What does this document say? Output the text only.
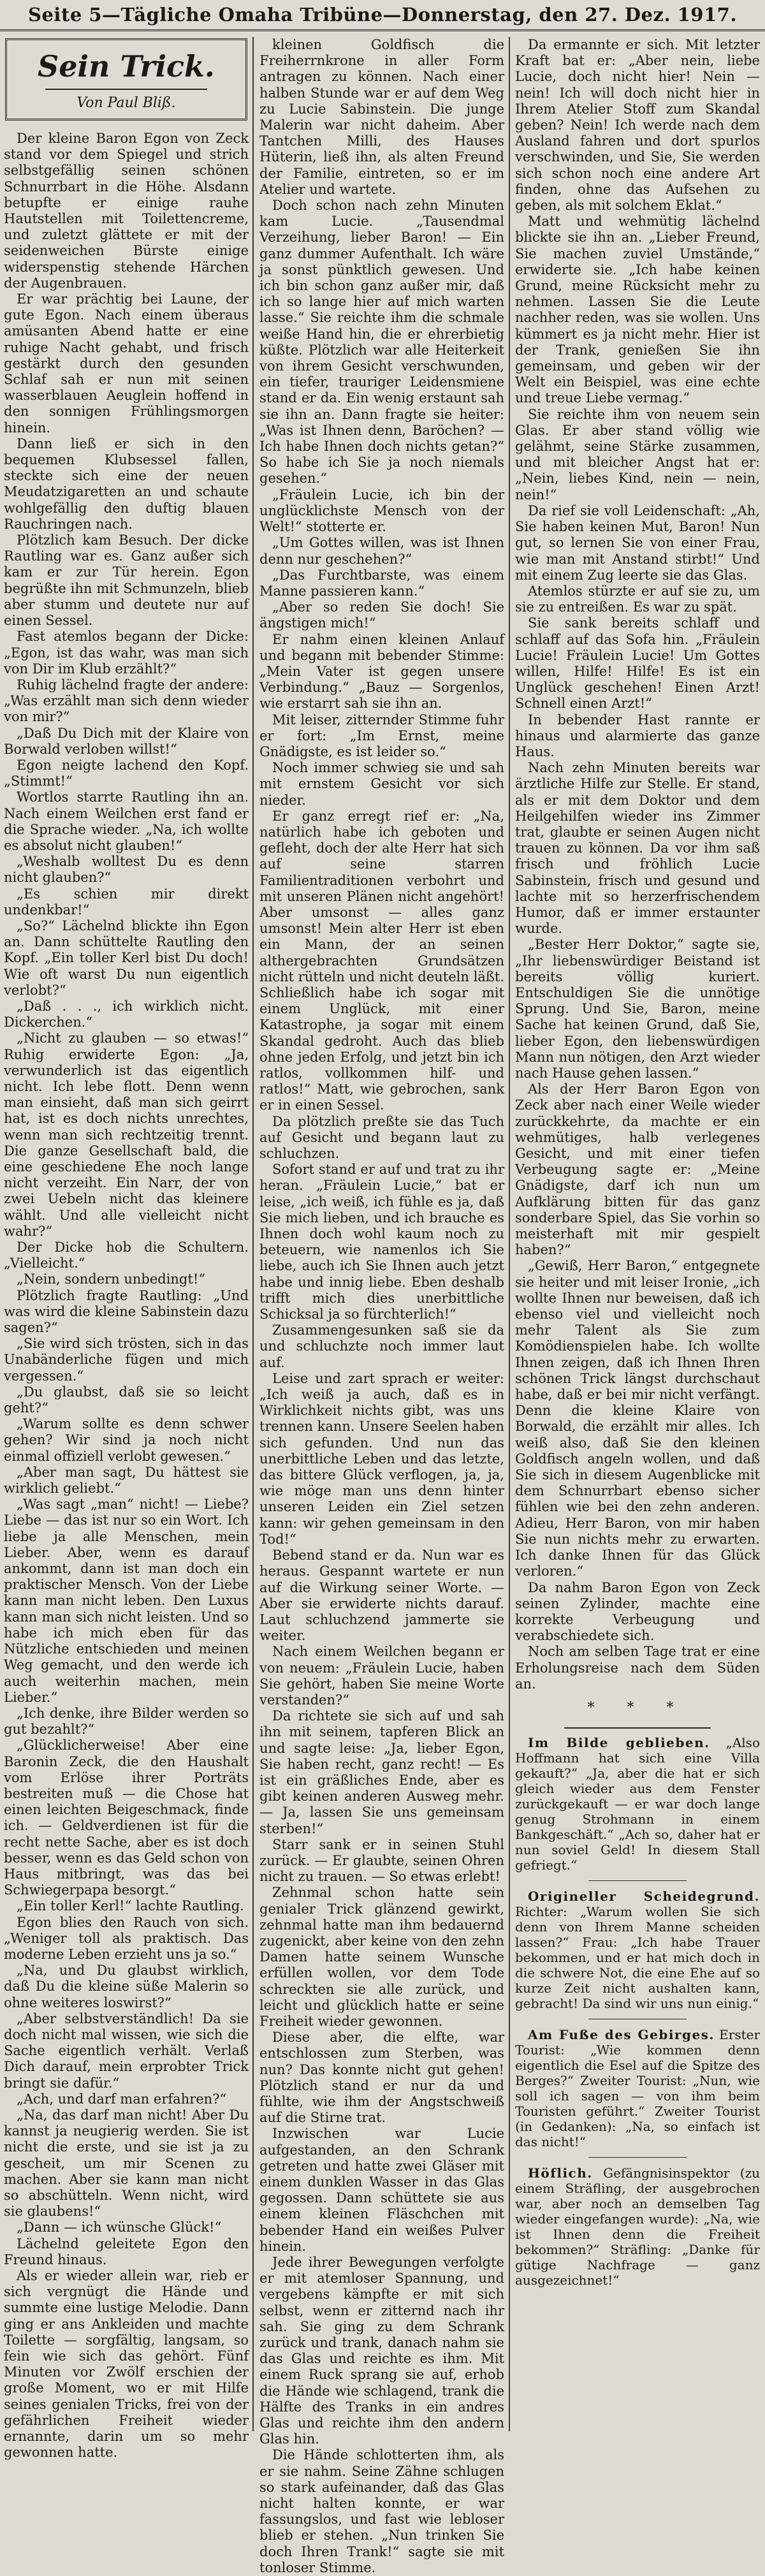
Seite 5—Tägliche Omaha Tribüne—Donnerstag, den 27. Dez. 1917.
Sein Trick.
Von Paul Bliß.

Der kleine Baron Egon von Zeck stand vor dem Spiegel und strich selbstgefällig seinen schönen Schnurrbart in die Höhe. Alsdann betupfte er einige rauhe Hautstellen mit Toilettencreme, und zuletzt glättete er mit der seidenweichen Bürste einige widerspenstig stehende Härchen der Augenbrauen.

Er war prächtig bei Laune, der gute Egon. Nach einem überaus amüsanten Abend hatte er eine ruhige Nacht gehabt, und frisch gestärkt durch den gesunden Schlaf sah er nun mit seinen wasserblauen Aeuglein hoffend in den sonnigen Frühlingsmorgen hinein.

Dann ließ er sich in den bequemen Klubsessel fallen, steckte sich eine der neuen Meudatzigaretten an und schaute wohlgefällig den duftig blauen Rauchringen nach.

Plötzlich kam Besuch. Der dicke Rautling war es. Ganz außer sich kam er zur Tür herein. Egon begrüßte ihn mit Schmunzeln, blieb aber stumm und deutete nur auf einen Sessel.

Fast atemlos begann der Dicke: „Egon, ist das wahr, was man sich von Dir im Klub erzählt?“

Ruhig lächelnd fragte der andere: „Was erzählt man sich denn wieder von mir?“

„Daß Du Dich mit der Klaire von Borwald verloben willst!“

Egon neigte lachend den Kopf. „Stimmt!“

Wortlos starrte Rautling ihn an. Nach einem Weilchen erst fand er die Sprache wieder. „Na, ich wollte es absolut nicht glauben!“

„Weshalb wolltest Du es denn nicht glauben?“

„Es schien mir direkt undenkbar!“

„So?“ Lächelnd blickte ihn Egon an. Dann schüttelte Rautling den Kopf. „Ein toller Kerl bist Du doch! Wie oft warst Du nun eigentlich verlobt?“

„Daß . . ., ich wirklich nicht. Dickerchen.“

„Nicht zu glauben — so etwas!“ Ruhig erwiderte Egon: „Ja, verwunderlich ist das eigentlich nicht. Ich lebe flott. Denn wenn man einsieht, daß man sich geirrt hat, ist es doch nichts unrechtes, wenn man sich rechtzeitig trennt. Die ganze Gesellschaft bald, die eine geschiedene Ehe noch lange nicht verzeiht. Ein Narr, der von zwei Uebeln nicht das kleinere wählt. Und alle vielleicht nicht wahr?“

Der Dicke hob die Schultern. „Vielleicht.“

„Nein, sondern unbedingt!“

Plötzlich fragte Rautling: „Und was wird die kleine Sabinstein dazu sagen?“

„Sie wird sich trösten, sich in das Unabänderliche fügen und mich vergessen.“

„Du glaubst, daß sie so leicht geht?“

„Warum sollte es denn schwer gehen? Wir sind ja noch nicht einmal offiziell verlobt gewesen.“

„Aber man sagt, Du hättest sie wirklich geliebt.“

„Was sagt „man“ nicht! — Liebe? Liebe — das ist nur so ein Wort. Ich liebe ja alle Menschen, mein Lieber. Aber, wenn es darauf ankommt, dann ist man doch ein praktischer Mensch. Von der Liebe kann man nicht leben. Den Luxus kann man sich nicht leisten. Und so habe ich mich eben für das Nützliche entschieden und meinen Weg gemacht, und den werde ich auch weiterhin machen, mein Lieber.“

„Ich denke, ihre Bilder werden so gut bezahlt?“

„Glücklicherweise! Aber eine Baronin Zeck, die den Haushalt vom Erlöse ihrer Porträts bestreiten muß — die Chose hat einen leichten Beigeschmack, finde ich. — Geldverdienen ist für die recht nette Sache, aber es ist doch besser, wenn es das Geld schon von Haus mitbringt, was das bei Schwiegerpapa besorgt.“

„Ein toller Kerl!“ lachte Rautling.

Egon blies den Rauch von sich. „Weniger toll als praktisch. Das moderne Leben erzieht uns ja so.“

„Na, und Du glaubst wirklich, daß Du die kleine süße Malerin so ohne weiteres loswirst?“

„Aber selbstverständlich! Da sie doch nicht mal wissen, wie sich die Sache eigentlich verhält. Verlaß Dich darauf, mein erprobter Trick bringt sie dafür.“

„Ach, und darf man erfahren?“

„Na, das darf man nicht! Aber Du kannst ja neugierig werden. Sie ist nicht die erste, und sie ist ja zu gescheit, um mir Scenen zu machen. Aber sie kann man nicht so abschütteln. Wenn nicht, wird sie glaubens!“

„Dann — ich wünsche Glück!“

Lächelnd geleitete Egon den Freund hinaus.

Als er wieder allein war, rieb er sich vergnügt die Hände und summte eine lustige Melodie. Dann ging er ans Ankleiden und machte Toilette — sorgfältig, langsam, so fein wie sich das gehört. Fünf Minuten vor Zwölf erschien der große Moment, wo er mit Hilfe seines genialen Tricks, frei von der gefährlichen Freiheit wieder ernannte, darin um so mehr gewonnen hatte.

kleinen Goldfisch die Freiherrnkrone in aller Form antragen zu können. Nach einer halben Stunde war er auf dem Weg zu Lucie Sabinstein. Die junge Malerin war nicht daheim. Aber Tantchen Milli, des Hauses Hüterin, ließ ihn, als alten Freund der Familie, eintreten, so er im Atelier und wartete.

Doch schon nach zehn Minuten kam Lucie. „Tausendmal Verzeihung, lieber Baron! — Ein ganz dummer Aufenthalt. Ich wäre ja sonst pünktlich gewesen. Und ich bin schon ganz außer mir, daß ich so lange hier auf mich warten lasse.“ Sie reichte ihm die schmale weiße Hand hin, die er ehrerbietig küßte. Plötzlich war alle Heiterkeit von ihrem Gesicht verschwunden, ein tiefer, trauriger Leidensmiene stand er da. Ein wenig erstaunt sah sie ihn an. Dann fragte sie heiter: „Was ist Ihnen denn, Baröchen? — Ich habe Ihnen doch nichts getan?“ So habe ich Sie ja noch niemals gesehen.“

„Fräulein Lucie, ich bin der unglücklichste Mensch von der Welt!“ stotterte er.

„Um Gottes willen, was ist Ihnen denn nur geschehen?“

„Das Furchtbarste, was einem Manne passieren kann.“

„Aber so reden Sie doch! Sie ängstigen mich!“

Er nahm einen kleinen Anlauf und begann mit bebender Stimme: „Mein Vater ist gegen unsere Verbindung.“ „Bauz — Sorgenlos, wie erstarrt sah sie ihn an.

Mit leiser, zitternder Stimme fuhr er fort: „Im Ernst, meine Gnädigste, es ist leider so.“

Noch immer schwieg sie und sah mit ernstem Gesicht vor sich nieder.

Er ganz erregt rief er: „Na, natürlich habe ich geboten und gefleht, doch der alte Herr hat sich auf seine starren Familientraditionen verbohrt und mit unseren Plänen nicht angehört! Aber umsonst — alles ganz umsonst! Mein alter Herr ist eben ein Mann, der an seinen althergebrachten Grundsätzen nicht rütteln und nicht deuteln läßt. Schließlich habe ich sogar mit einem Unglück, mit einer Katastrophe, ja sogar mit einem Skandal gedroht. Auch das blieb ohne jeden Erfolg, und jetzt bin ich ratlos, vollkommen hilf- und ratlos!“ Matt, wie gebrochen, sank er in einen Sessel.

Da plötzlich preßte sie das Tuch auf Gesicht und begann laut zu schluchzen.

Sofort stand er auf und trat zu ihr heran. „Fräulein Lucie,“ bat er leise, „ich weiß, ich fühle es ja, daß Sie mich lieben, und ich brauche es Ihnen doch wohl kaum noch zu beteuern, wie namenlos ich Sie liebe, auch ich Sie Ihnen auch jetzt habe und innig liebe. Eben deshalb trifft mich dies unerbittliche Schicksal ja so fürchterlich!“

Zusammengesunken saß sie da und schluchzte noch immer laut auf.

Leise und zart sprach er weiter: „Ich weiß ja auch, daß es in Wirklichkeit nichts gibt, was uns trennen kann. Unsere Seelen haben sich gefunden. Und nun das unerbittliche Leben und das letzte, das bittere Glück verflogen, ja, ja, wie möge man uns denn hinter unseren Leiden ein Ziel setzen kann: wir gehen gemeinsam in den Tod!“

Bebend stand er da. Nun war es heraus. Gespannt wartete er nun auf die Wirkung seiner Worte. — Aber sie erwiderte nichts darauf. Laut schluchzend jammerte sie weiter.

Nach einem Weilchen begann er von neuem: „Fräulein Lucie, haben Sie gehört, haben Sie meine Worte verstanden?“

Da richtete sie sich auf und sah ihn mit seinem, tapferen Blick an und sagte leise: „Ja, lieber Egon, Sie haben recht, ganz recht! — Es ist ein gräßliches Ende, aber es gibt keinen anderen Ausweg mehr. — Ja, lassen Sie uns gemeinsam sterben!“

Starr sank er in seinen Stuhl zurück. — Er glaubte, seinen Ohren nicht zu trauen. — So etwas erlebt!

Zehnmal schon hatte sein genialer Trick glänzend gewirkt, zehnmal hatte man ihm bedauernd zugenickt, aber keine von den zehn Damen hatte seinem Wunsche erfüllen wollen, vor dem Tode schreckten sie alle zurück, und leicht und glücklich hatte er seine Freiheit wieder gewonnen.

Diese aber, die elfte, war entschlossen zum Sterben, was nun? Das konnte nicht gut gehen! Plötzlich stand er nur da und fühlte, wie ihm der Angstschweiß auf die Stirne trat.

Inzwischen war Lucie aufgestanden, an den Schrank getreten und hatte zwei Gläser mit einem dunklen Wasser in das Glas gegossen. Dann schüttete sie aus einem kleinen Fläschchen mit bebender Hand ein weißes Pulver hinein.

Jede ihrer Bewegungen verfolgte er mit atemloser Spannung, und vergebens kämpfte er mit sich selbst, wenn er zitternd nach ihr sah. Sie ging zu dem Schrank zurück und trank, danach nahm sie das Glas und reichte es ihm. Mit einem Ruck sprang sie auf, erhob die Hände wie schlagend, trank die Hälfte des Tranks in ein andres Glas und reichte ihm den andern Glas hin.

Die Hände schlotterten ihm, als er sie nahm. Seine Zähne schlugen so stark aufeinander, daß das Glas nicht halten konnte, er war fassungslos, und fast wie lebloser blieb er stehen. „Nun trinken Sie doch Ihren Trank!“ sagte sie mit tonloser Stimme.

Da ermannte er sich. Mit letzter Kraft bat er: „Aber nein, liebe Lucie, doch nicht hier! Nein — nein! Ich will doch nicht hier in Ihrem Atelier Stoff zum Skandal geben? Nein! Ich werde nach dem Ausland fahren und dort spurlos verschwinden, und Sie, Sie werden sich schon noch eine andere Art finden, ohne das Aufsehen zu geben, als mit solchem Eklat.“

Matt und wehmütig lächelnd blickte sie ihn an. „Lieber Freund, Sie machen zuviel Umstände,“ erwiderte sie. „Ich habe keinen Grund, meine Rücksicht mehr zu nehmen. Lassen Sie die Leute nachher reden, was sie wollen. Uns kümmert es ja nicht mehr. Hier ist der Trank, genießen Sie ihn gemeinsam, und geben wir der Welt ein Beispiel, was eine echte und treue Liebe vermag.“

Sie reichte ihm von neuem sein Glas. Er aber stand völlig wie gelähmt, seine Stärke zusammen, und mit bleicher Angst hat er: „Nein, liebes Kind, nein — nein, nein!“

Da rief sie voll Leidenschaft: „Ah, Sie haben keinen Mut, Baron! Nun gut, so lernen Sie von einer Frau, wie man mit Anstand stirbt!“ Und mit einem Zug leerte sie das Glas.

Atemlos stürzte er auf sie zu, um sie zu entreißen. Es war zu spät.

Sie sank bereits schlaff und schlaff auf das Sofa hin. „Fräulein Lucie! Fräulein Lucie! Um Gottes willen, Hilfe! Hilfe! Es ist ein Unglück geschehen! Einen Arzt! Schnell einen Arzt!“

In bebender Hast rannte er hinaus und alarmierte das ganze Haus.

Nach zehn Minuten bereits war ärztliche Hilfe zur Stelle. Er stand, als er mit dem Doktor und dem Heilgehilfen wieder ins Zimmer trat, glaubte er seinen Augen nicht trauen zu können. Da vor ihm saß frisch und fröhlich Lucie Sabinstein, frisch und gesund und lachte mit so herzerfrischendem Humor, daß er immer erstaunter wurde.

„Bester Herr Doktor,“ sagte sie, „Ihr liebenswürdiger Beistand ist bereits völlig kuriert. Entschuldigen Sie die unnötige Sprung. Und Sie, Baron, meine Sache hat keinen Grund, daß Sie, lieber Egon, den liebenswürdigen Mann nun nötigen, den Arzt wieder nach Hause gehen lassen.“

Als der Herr Baron Egon von Zeck aber nach einer Weile wieder zurückkehrte, da machte er ein wehmütiges, halb verlegenes Gesicht, und mit einer tiefen Verbeugung sagte er: „Meine Gnädigste, darf ich nun um Aufklärung bitten für das ganz sonderbare Spiel, das Sie vorhin so meisterhaft mit mir gespielt haben?“

„Gewiß, Herr Baron,“ entgegnete sie heiter und mit leiser Ironie, „ich wollte Ihnen nur beweisen, daß ich ebenso viel und vielleicht noch mehr Talent als Sie zum Komödienspielen habe. Ich wollte Ihnen zeigen, daß ich Ihnen Ihren schönen Trick längst durchschaut habe, daß er bei mir nicht verfängt. Denn die kleine Klaire von Borwald, die erzählt mir alles. Ich weiß also, daß Sie den kleinen Goldfisch angeln wollen, und daß Sie sich in diesem Augenblicke mit dem Schnurrbart ebenso sicher fühlen wie bei den zehn anderen. Adieu, Herr Baron, von mir haben Sie nun nichts mehr zu erwarten. Ich danke Ihnen für das Glück verloren.“

Da nahm Baron Egon von Zeck seinen Zylinder, machte eine korrekte Verbeugung und verabschiedete sich.

Noch am selben Tage trat er eine Erholungsreise nach dem Süden an.

* * *

Im Bilde geblieben. „Also Hoffmann hat sich eine Villa gekauft?“ „Ja, aber die hat er sich gleich wieder aus dem Fenster zurückgekauft — er war doch lange genug Strohmann in einem Bankgeschäft.“ „Ach so, daher hat er nun soviel Geld! In diesem Stall gefriegt.“

Origineller Scheidegrund. Richter: „Warum wollen Sie sich denn von Ihrem Manne scheiden lassen?“ Frau: „Ich habe Trauer bekommen, und er hat mich doch in die schwere Not, die eine Ehe auf so kurze Zeit nicht aushalten kann, gebracht! Da sind wir uns nun einig.“

Am Fuße des Gebirges. Erster Tourist: „Wie kommen denn eigentlich die Esel auf die Spitze des Berges?“ Zweiter Tourist: „Nun, wie soll ich sagen — von ihm beim Touristen geführt.“ Zweiter Tourist (in Gedanken): „Na, so einfach ist das nicht!“

Höflich. Gefängnisinspektor (zu einem Sträfling, der ausgebrochen war, aber noch an demselben Tag wieder eingefangen wurde): „Na, wie ist Ihnen denn die Freiheit bekommen?“ Sträfling: „Danke für gütige Nachfrage — ganz ausgezeichnet!“
